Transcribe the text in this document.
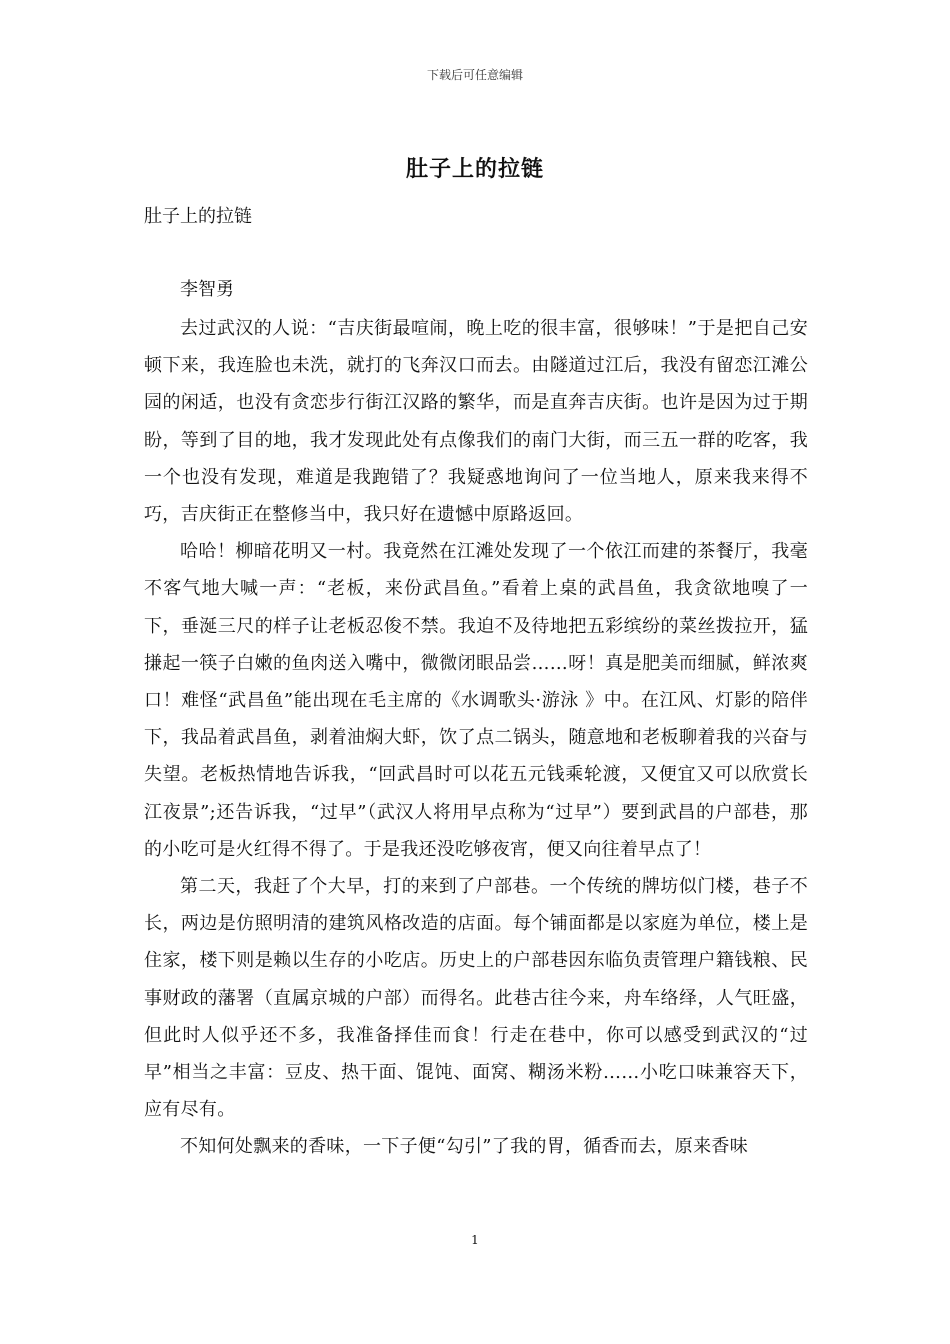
下载后可任意编辑
肚子上的拉链
肚子上的拉链
李智勇

去过武汉的人说：“吉庆街最喧闹，晚上吃的很丰富，很够味！”于是把自己安顿下来，我连脸也未洗，就打的飞奔汉口而去。由隧道过江后，我没有留恋江滩公园的闲适，也没有贪恋步行街江汉路的繁华，而是直奔吉庆街。也许是因为过于期盼，等到了目的地，我才发现此处有点像我们的南门大街，而三五一群的吃客，我一个也没有发现，难道是我跑错了？我疑惑地询问了一位当地人，原来我来得不巧，吉庆街正在整修当中，我只好在遗憾中原路返回。

哈哈！柳暗花明又一村。我竟然在江滩处发现了一个依江而建的茶餐厅，我毫不客气地大喊一声：“老板，来份武昌鱼。”看着上桌的武昌鱼，我贪欲地嗅了一下，垂涎三尺的样子让老板忍俊不禁。我迫不及待地把五彩缤纷的菜丝拨拉开，猛搛起一筷子白嫩的鱼肉送入嘴中，微微闭眼品尝……呀！真是肥美而细腻，鲜浓爽口！难怪“武昌鱼”能出现在毛主席的《水调歌头·游泳 》中。在江风、灯影的陪伴下，我品着武昌鱼，剥着油焖大虾，饮了点二锅头，随意地和老板聊着我的兴奋与失望。老板热情地告诉我，“回武昌时可以花五元钱乘轮渡，又便宜又可以欣赏长江夜景”;还告诉我，“过早”（武汉人将用早点称为“过早”）要到武昌的户部巷，那的小吃可是火红得不得了。于是我还没吃够夜宵，便又向往着早点了！

第二天，我赶了个大早，打的来到了户部巷。一个传统的牌坊似门楼，巷子不长，两边是仿照明清的建筑风格改造的店面。每个铺面都是以家庭为单位，楼上是住家，楼下则是赖以生存的小吃店。历史上的户部巷因东临负责管理户籍钱粮、民事财政的藩署（直属京城的户部）而得名。此巷古往今来，舟车络绎，人气旺盛，但此时人似乎还不多，我准备择佳而食！行走在巷中，你可以感受到武汉的“过早”相当之丰富：豆皮、热干面、馄饨、面窝、糊汤米粉……小吃口味兼容天下，应有尽有。

不知何处飘来的香味，一下子便“勾引”了我的胃，循香而去，原来香味

1
